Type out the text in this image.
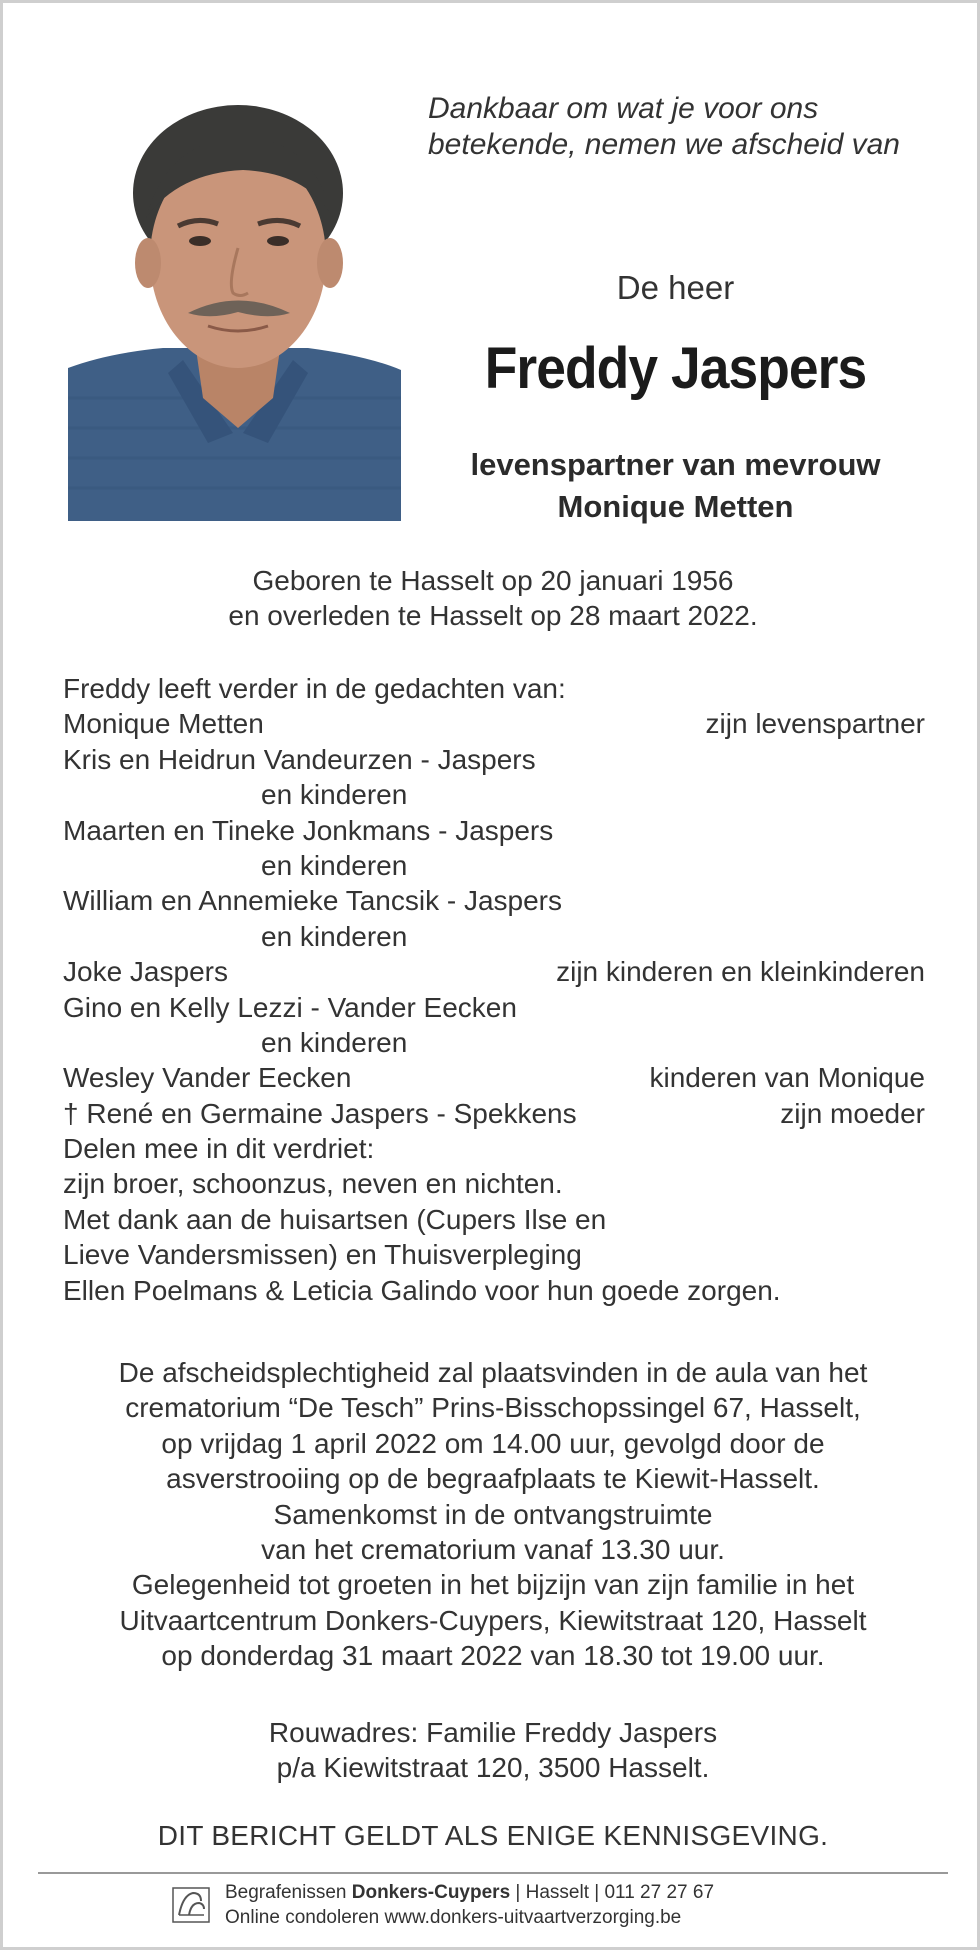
Dankbaar om wat je voor ons
betekende, nemen we afscheid van
De heer
Freddy Jaspers
levenspartner van mevrouw
Monique Metten
Geboren te Hasselt op 20 januari 1956
en overleden te Hasselt op 28 maart 2022.
Freddy leeft verder in de gedachten van:
Monique Metten	zijn levenspartner
Kris en Heidrun Vandeurzen - Jaspers
en kinderen
Maarten en Tineke Jonkmans - Jaspers
en kinderen
William en Annemieke Tancsik - Jaspers
en kinderen
Joke Jaspers	zijn kinderen en kleinkinderen
Gino en Kelly Lezzi - Vander Eecken
en kinderen
Wesley Vander Eecken	kinderen van Monique
† René en Germaine Jaspers - Spekkens	zijn moeder
Delen mee in dit verdriet:
zijn broer, schoonzus, neven en nichten.
Met dank aan de huisartsen (Cupers Ilse en
Lieve Vandersmissen) en Thuisverpleging
Ellen Poelmans & Leticia Galindo voor hun goede zorgen.
De afscheidsplechtigheid zal plaatsvinden in de aula van het
crematorium “De Tesch” Prins-Bisschopssingel 67, Hasselt,
op vrijdag 1 april 2022 om 14.00 uur, gevolgd door de
asverstrooiing op de begraafplaats te Kiewit-Hasselt.
Samenkomst in de ontvangstruimte
van het crematorium vanaf 13.30 uur.
Gelegenheid tot groeten in het bijzijn van zijn familie in het
Uitvaartcentrum Donkers-Cuypers, Kiewitstraat 120, Hasselt
op donderdag 31 maart 2022 van 18.30 tot 19.00 uur.
Rouwadres: Familie Freddy Jaspers
p/a Kiewitstraat 120, 3500 Hasselt.
DIT BERICHT GELDT ALS ENIGE KENNISGEVING.
Begrafenissen Donkers-Cuypers | Hasselt | 011 27 27 67
Online condoleren www.donkers-uitvaartverzorging.be
